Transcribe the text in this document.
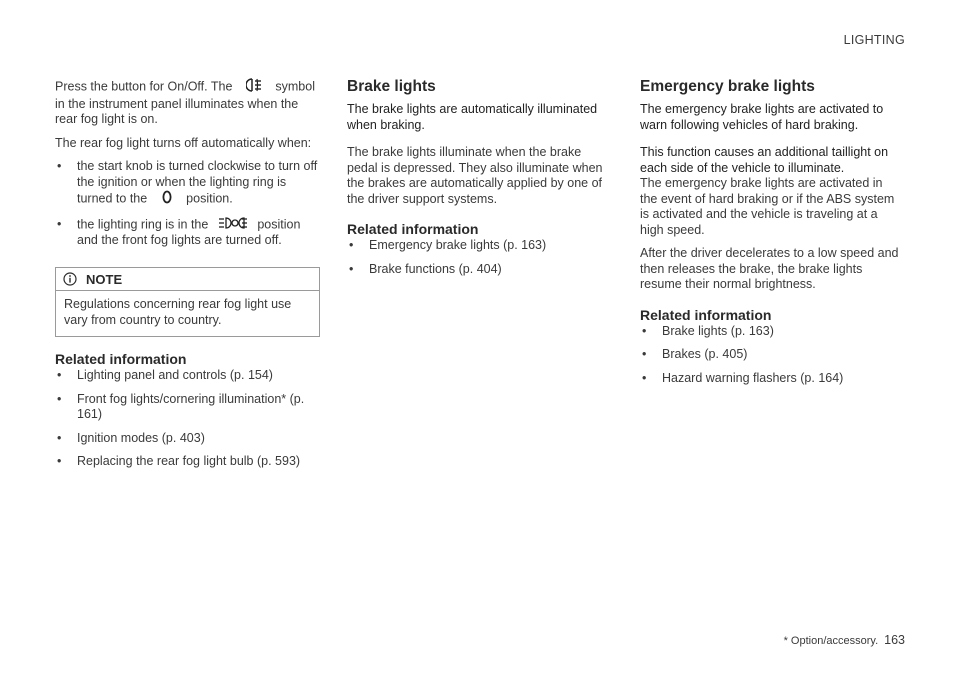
LIGHTING

Press the button for On/Off. The	symbol in the instrument panel illuminates when the rear fog light is on.

The rear fog light turns off automatically when:

• the start knob is turned clockwise to turn off the ignition or when the lighting ring is turned to the	position.
• the lighting ring is in the	position and the front fog lights are turned off.
NOTE
Regulations concerning rear fog light use vary from country to country.
Related information
• Lighting panel and controls (p. 154)
• Front fog lights/cornering illumination* (p. 161)
• Ignition modes (p. 403)
• Replacing the rear fog light bulb (p. 593)
Brake lights

The brake lights are automatically illuminated when braking.

The brake lights illuminate when the brake pedal is depressed. They also illuminate when the brakes are automatically applied by one of the driver support systems.

Related information
• Emergency brake lights (p. 163)
• Brake functions (p. 404)
Emergency brake lights

The emergency brake lights are activated to warn following vehicles of hard braking.

This function causes an additional taillight on each side of the vehicle to illuminate.

The emergency brake lights are activated in the event of hard braking or if the ABS system is activated and the vehicle is traveling at a high speed.

After the driver decelerates to a low speed and then releases the brake, the brake lights resume their normal brightness.

Related information
• Brake lights (p. 163)
• Brakes (p. 405)
• Hazard warning flashers (p. 164)
* Option/accessory. 163
